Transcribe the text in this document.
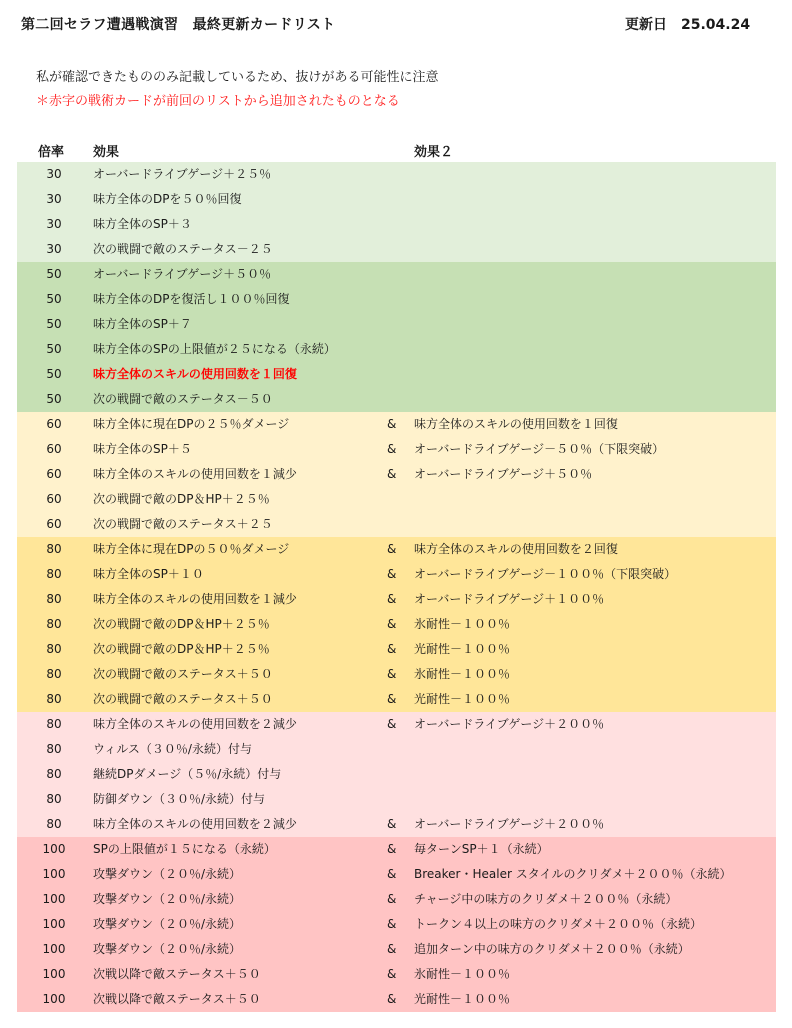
第二回セラフ遭遇戦演習　最終更新カードリスト	更新日　25.04.24
私が確認できたもののみ記載しているため、抜けがある可能性に注意
＊赤字の戦術カードが前回のリストから追加されたものとなる
倍率 効果	効果２
30	オーバードライブゲージ＋２５％
30	味方全体のDPを５０％回復
30	味方全体のSP＋３
30	次の戦闘で敵のステータス－２５
50	オーバードライブゲージ＋５０％
50	味方全体のDPを復活し１００％回復
50	味方全体のSP＋７
50	味方全体のSPの上限値が２５になる（永続）
50	味方全体のスキルの使用回数を１回復
50	次の戦闘で敵のステータス－５０
60	味方全体に現在DPの２５％ダメージ	& 味方全体のスキルの使用回数を１回復
60	味方全体のSP＋５	& オーバードライブゲージ－５０％（下限突破）
60	味方全体のスキルの使用回数を１減少	& オーバードライブゲージ＋５０％
60	次の戦闘で敵のDP＆HP＋２５％
60	次の戦闘で敵のステータス＋２５
80	味方全体に現在DPの５０％ダメージ	& 味方全体のスキルの使用回数を２回復
80	味方全体のSP＋１０	& オーバードライブゲージ－１００％（下限突破）
80	味方全体のスキルの使用回数を１減少	& オーバードライブゲージ＋１００％
80	次の戦闘で敵のDP＆HP＋２５％	& 氷耐性－１００％
80	次の戦闘で敵のDP＆HP＋２５％	& 光耐性－１００％
80	次の戦闘で敵のステータス＋５０	& 氷耐性－１００％
80	次の戦闘で敵のステータス＋５０	& 光耐性－１００％
80	味方全体のスキルの使用回数を２減少	& オーバードライブゲージ＋２００％
80	ウィルス（３０％/永続）付与
80	継続DPダメージ（５％/永続）付与
80	防御ダウン（３０％/永続）付与
80	味方全体のスキルの使用回数を２減少	& オーバードライブゲージ＋２００％
100	SPの上限値が１５になる（永続）	& 毎ターンSP＋１（永続）
100	攻撃ダウン（２０％/永続）	& Breaker・Healer スタイルのクリダメ＋２００％（永続）
100	攻撃ダウン（２０％/永続）	& チャージ中の味方のクリダメ＋２００％（永続）
100	攻撃ダウン（２０％/永続）	& トークン４以上の味方のクリダメ＋２００％（永続）
100	攻撃ダウン（２０％/永続）	& 追加ターン中の味方のクリダメ＋２００％（永続）
100	次戦以降で敵ステータス＋５０	& 氷耐性－１００％
100	次戦以降で敵ステータス＋５０	& 光耐性－１００％
